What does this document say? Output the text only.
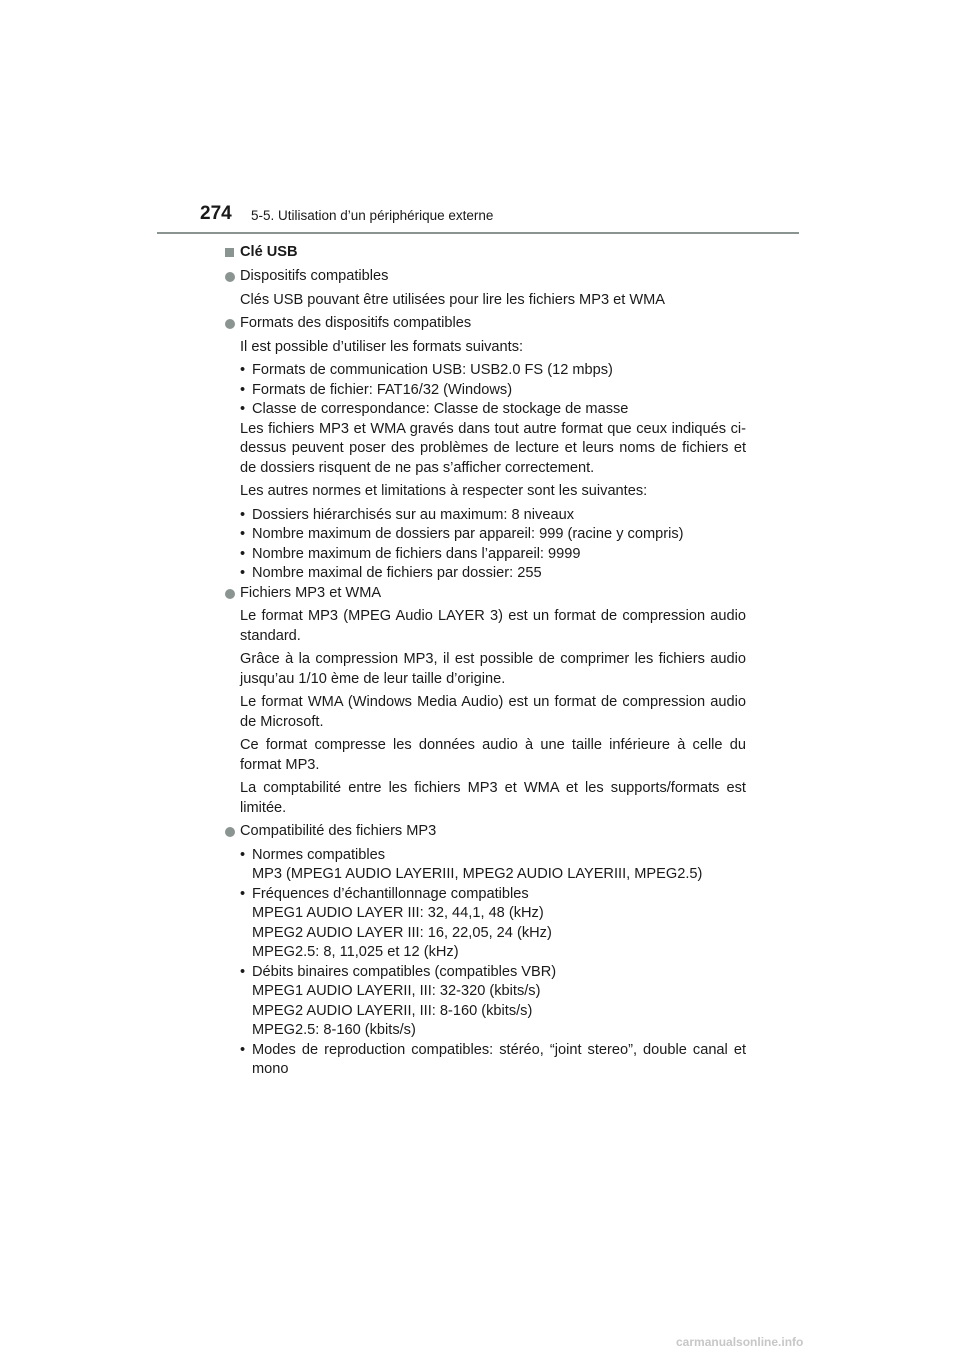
274 5-5. Utilisation d’un périphérique externe
Clé USB
Dispositifs compatibles
Clés USB pouvant être utilisées pour lire les fichiers MP3 et WMA
Formats des dispositifs compatibles
Il est possible d’utiliser les formats suivants:
• Formats de communication USB: USB2.0 FS (12 mbps)
• Formats de fichier: FAT16/32 (Windows)
• Classe de correspondance: Classe de stockage de masse
Les fichiers MP3 et WMA gravés dans tout autre format que ceux indiqués ci-dessus peuvent poser des problèmes de lecture et leurs noms de fichiers et de dossiers risquent de ne pas s’afficher correctement.
Les autres normes et limitations à respecter sont les suivantes:
• Dossiers hiérarchisés sur au maximum: 8 niveaux
• Nombre maximum de dossiers par appareil: 999 (racine y compris)
• Nombre maximum de fichiers dans l’appareil: 9999
• Nombre maximal de fichiers par dossier: 255
Fichiers MP3 et WMA
Le format MP3 (MPEG Audio LAYER 3) est un format de compression audio standard.
Grâce à la compression MP3, il est possible de comprimer les fichiers audio jusqu’au 1/10 ème de leur taille d’origine.
Le format WMA (Windows Media Audio) est un format de compression audio de Microsoft.
Ce format compresse les données audio à une taille inférieure à celle du format MP3.
La comptabilité entre les fichiers MP3 et WMA et les supports/formats est limitée.
Compatibilité des fichiers MP3
• Normes compatibles
MP3 (MPEG1 AUDIO LAYERIII, MPEG2 AUDIO LAYERIII, MPEG2.5)
• Fréquences d’échantillonnage compatibles
MPEG1 AUDIO LAYER III: 32, 44,1, 48 (kHz)
MPEG2 AUDIO LAYER III: 16, 22,05, 24 (kHz)
MPEG2.5: 8, 11,025 et 12 (kHz)
• Débits binaires compatibles (compatibles VBR)
MPEG1 AUDIO LAYERII, III: 32-320 (kbits/s)
MPEG2 AUDIO LAYERII, III: 8-160 (kbits/s)
MPEG2.5: 8-160 (kbits/s)
• Modes de reproduction compatibles: stéréo, “joint stereo”, double canal et mono
carmanualsonline.info
